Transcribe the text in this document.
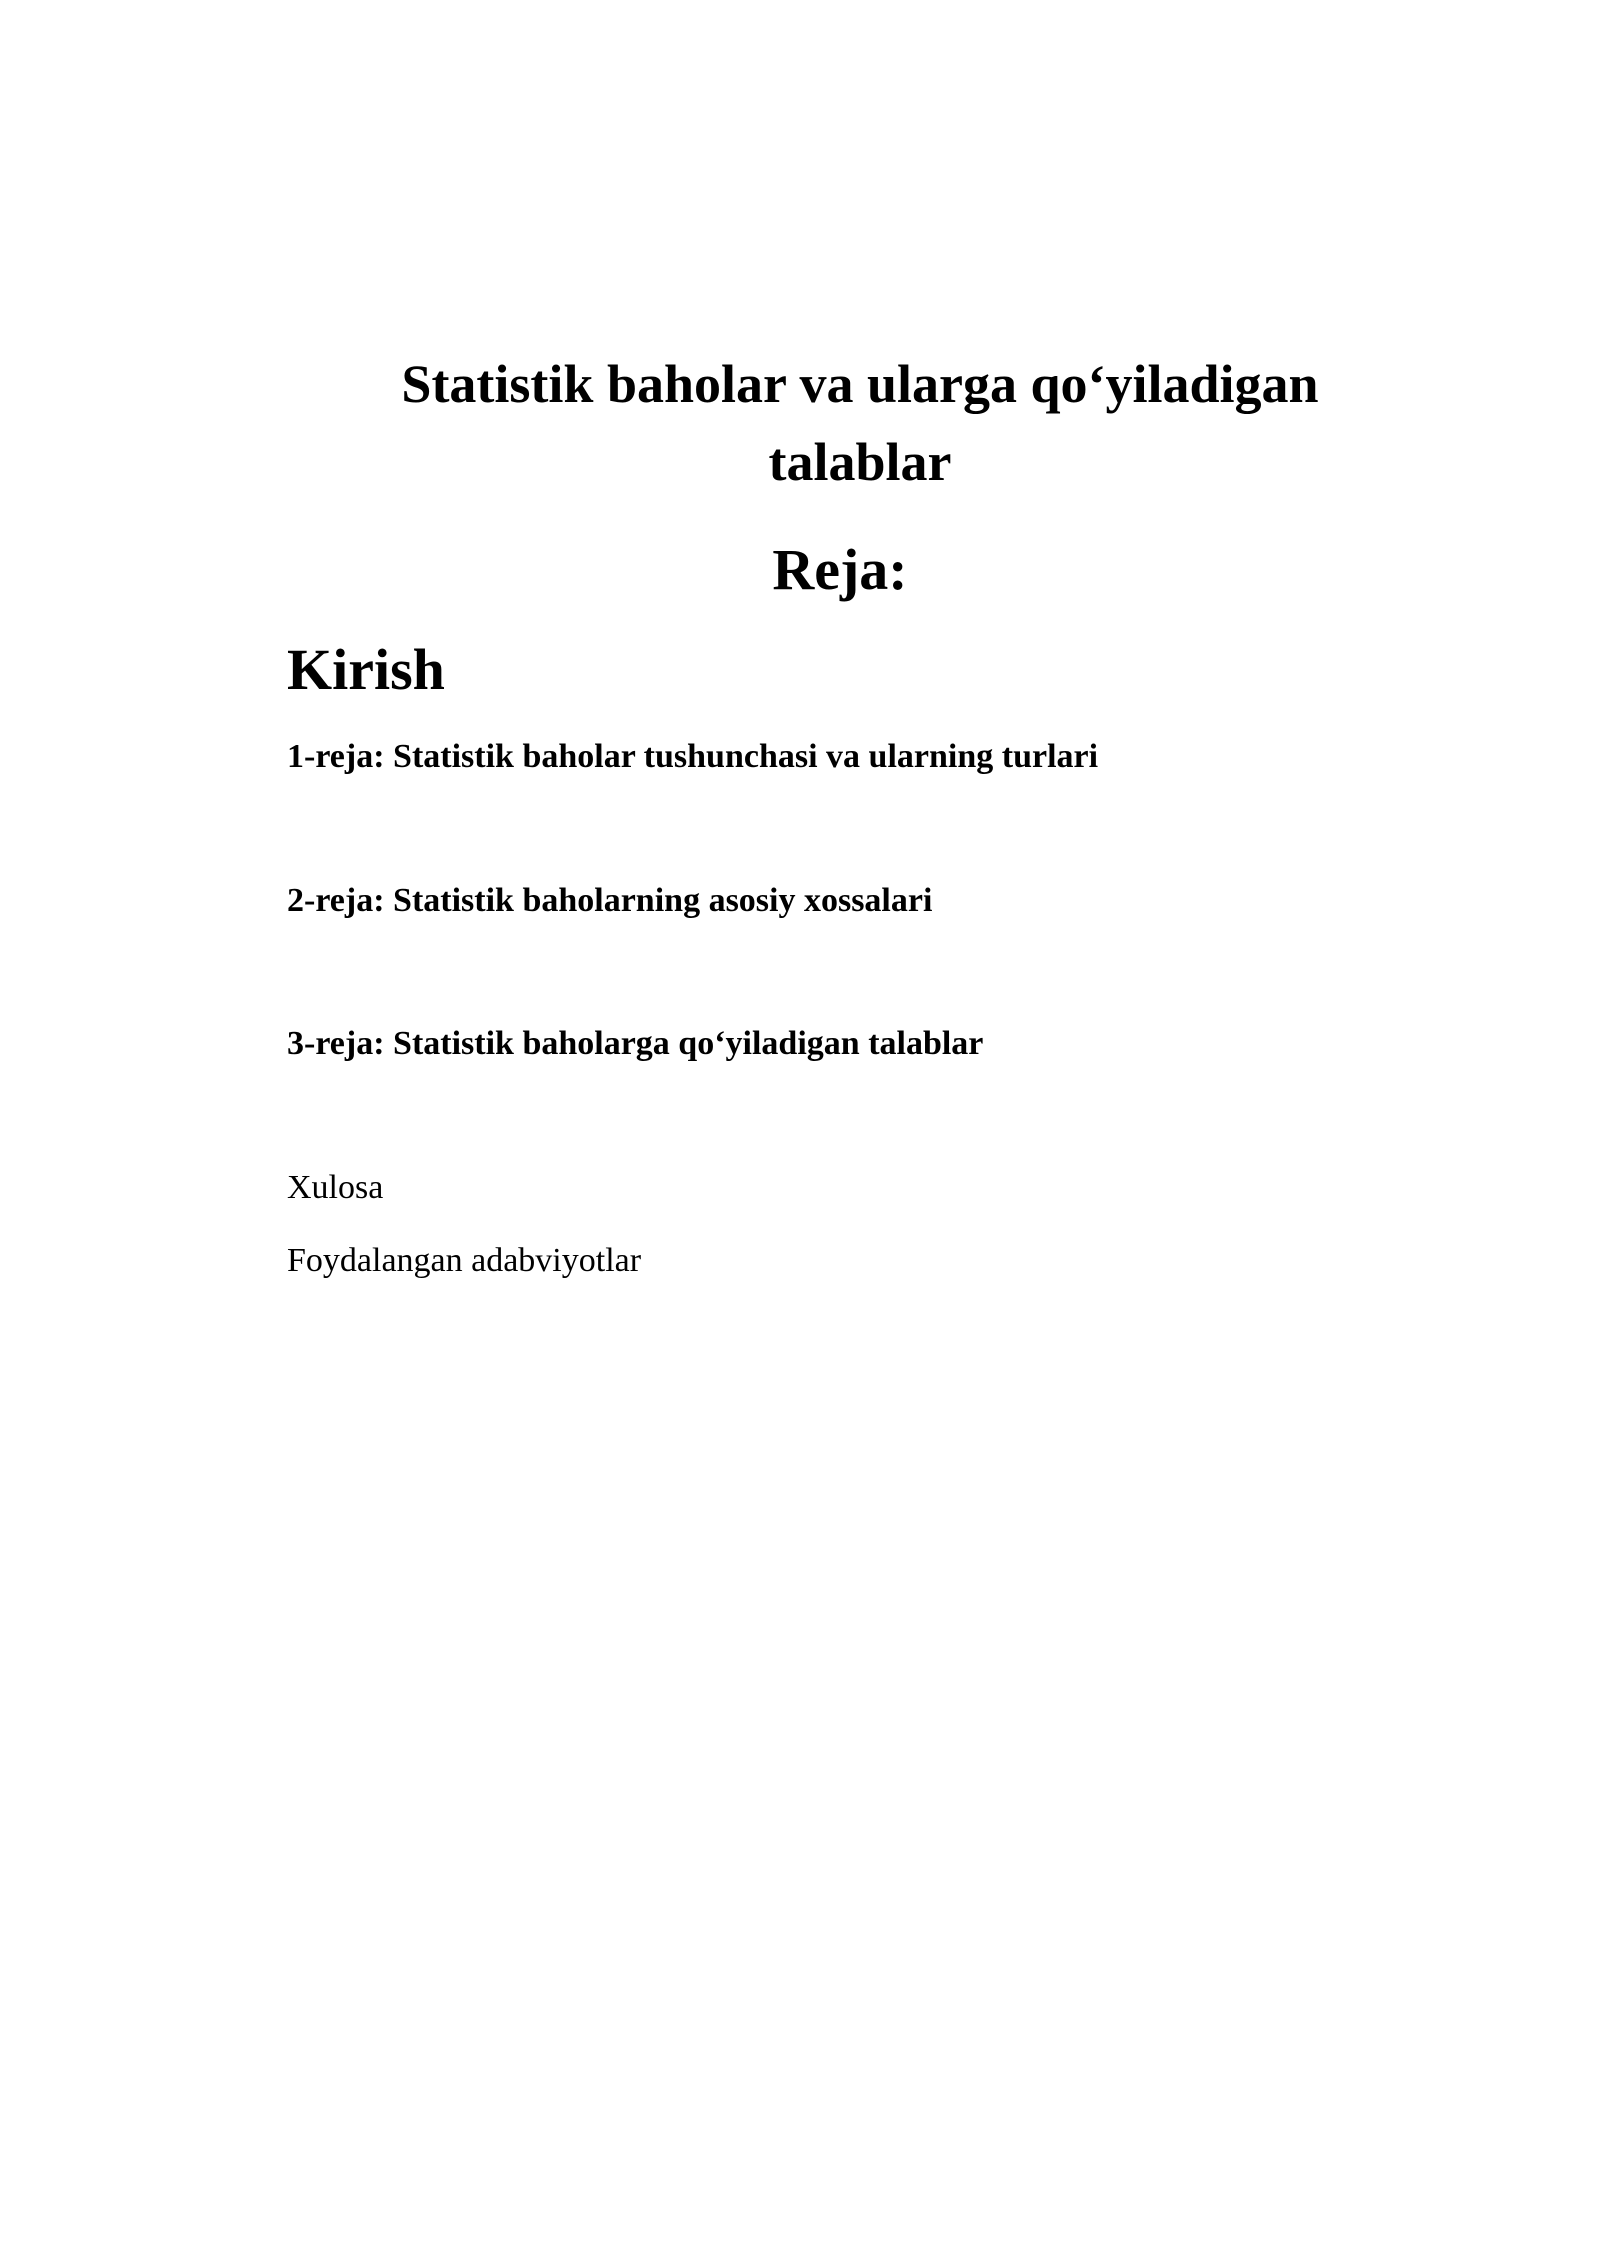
Statistik baholar va ularga qo‘yiladigan talablar
Reja:
Kirish

1-reja: Statistik baholar tushunchasi va ularning turlari

2-reja: Statistik baholarning asosiy xossalari

3-reja: Statistik baholarga qo‘yiladigan talablar

Xulosa

Foydalangan adabviyotlar
